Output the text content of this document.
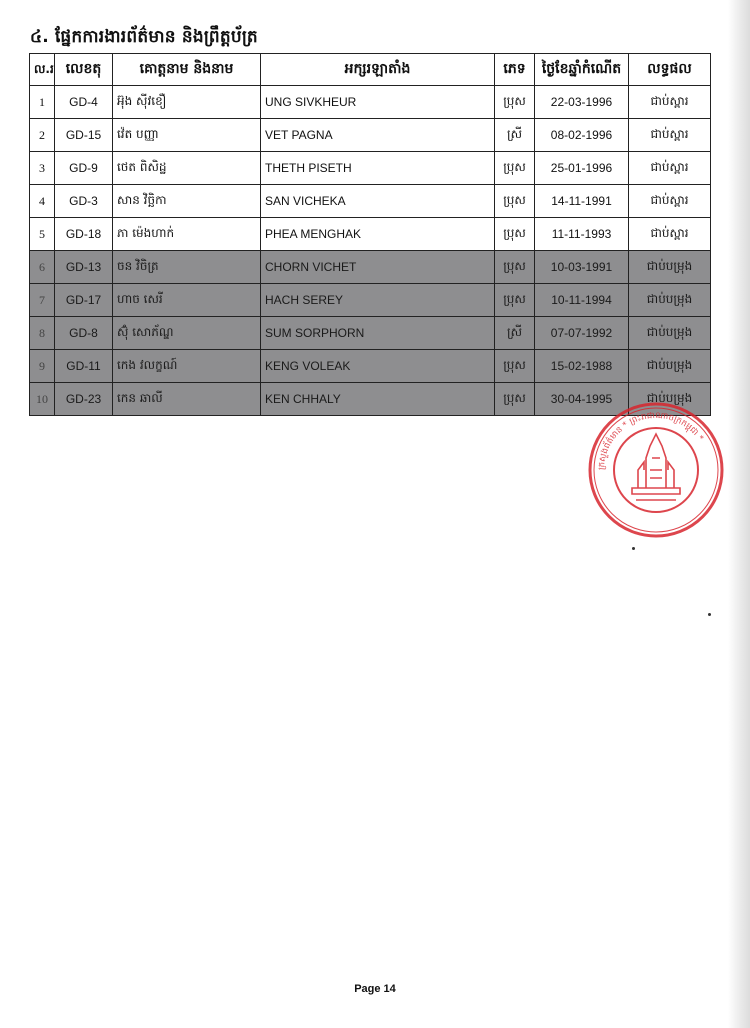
៤. ផ្នែកការងារព័ត៌មាន និងព្រឹត្តប័ត្រ
ល.រ	លេខតុ	គោត្តនាម និងនាម	អក្សរឡាតាំង	ភេទ	ថ្ងៃខែឆ្នាំកំណើត	លទ្ធផល
1	GD-4	អ៊ុង ស៊ីវខឿ	UNG SIVKHEUR	ប្រុស	22-03-1996	ជាប់ស្ពារ
2	GD-15	វ៉េត បញ្ញា	VET PAGNA	ស្រី	08-02-1996	ជាប់ស្ពារ
3	GD-9	ថេត ពិសិដ្ឋ	THETH PISETH	ប្រុស	25-01-1996	ជាប់ស្ពារ
4	GD-3	សាន វិច្ឆិកា	SAN VICHEKA	ប្រុស	14-11-1991	ជាប់ស្ពារ
5	GD-18	ភា ម៉េងហាក់	PHEA MENGHAK	ប្រុស	11-11-1993	ជាប់ស្ពារ
6	GD-13	ចន វិចិត្រ	CHORN VICHET	ប្រុស	10-03-1991	ជាប់បម្រុង
7	GD-17	ហាច សេរី	HACH SEREY	ប្រុស	10-11-1994	ជាប់បម្រុង
8	GD-8	ស៊ុំ សោភ័ណ្ឌ	SUM SORPHORN	ស្រី	07-07-1992	ជាប់បម្រុង
9	GD-11	កេង វលក្ខណ៍	KENG VOLEAK	ប្រុស	15-02-1988	ជាប់បម្រុង
10	GD-23	កេន ឆាលី	KEN CHHALY	ប្រុស	30-04-1995	ជាប់បម្រុង
ក្រសួងព័ត៌មាន * ព្រះរាជាណាចក្រកម្ពុជា *
Page 14
